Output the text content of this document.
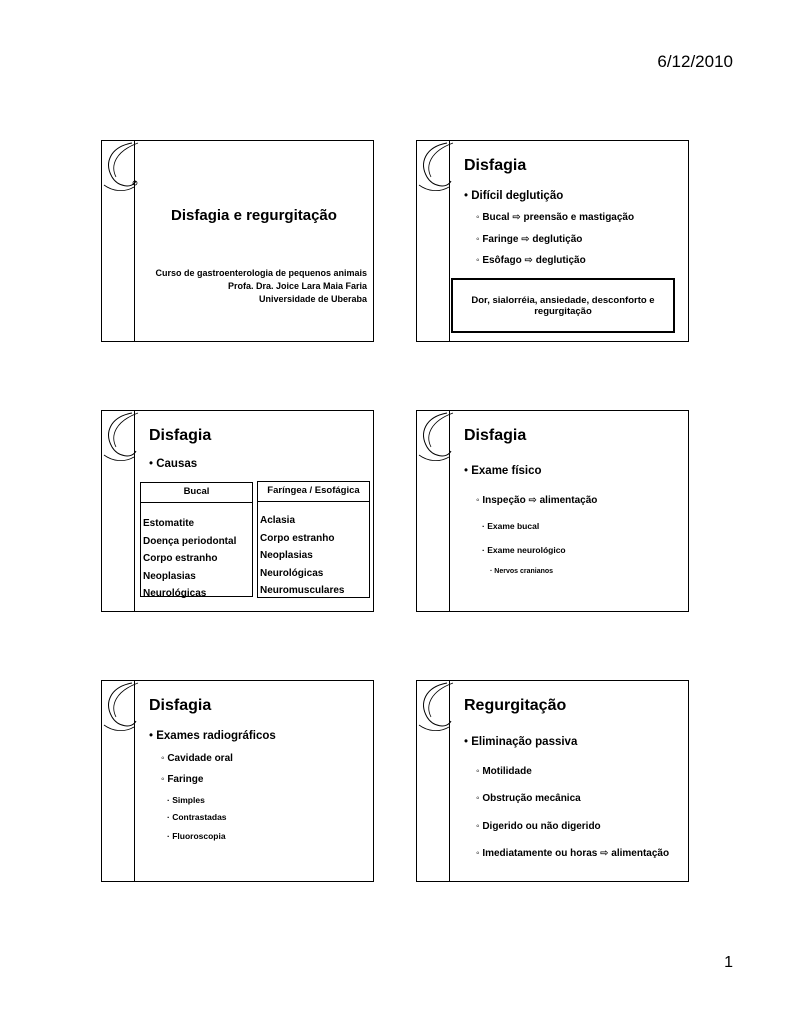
6/12/2010
Disfagia e regurgitação
Curso de gastroenterologia de pequenos animais
Profa. Dra. Joice Lara Maia Faria
Universidade de Uberaba
Disfagia
• Difícil deglutição
◦ Bucal ⇨ preensão e mastigação
◦ Faringe ⇨ deglutição
◦ Esôfago ⇨ deglutição
Dor, sialorréia, ansiedade, desconforto e regurgitação
Disfagia
• Causas
Bucal
Estomatite
Doença periodontal
Corpo estranho
Neoplasias
Neurológicas
Faríngea / Esofágica
Aclasia
Corpo estranho
Neoplasias
Neurológicas
Neuromusculares
Disfagia
• Exame físico
◦ Inspeção ⇨ alimentação
· Exame bucal
· Exame neurológico
· Nervos cranianos
Disfagia
• Exames radiográficos
◦ Cavidade oral
◦ Faringe
· Simples
· Contrastadas
· Fluoroscopia
Regurgitação
• Eliminação passiva
◦ Motilidade
◦ Obstrução mecânica
◦ Digerido ou não digerido
◦ Imediatamente ou horas ⇨ alimentação
1
